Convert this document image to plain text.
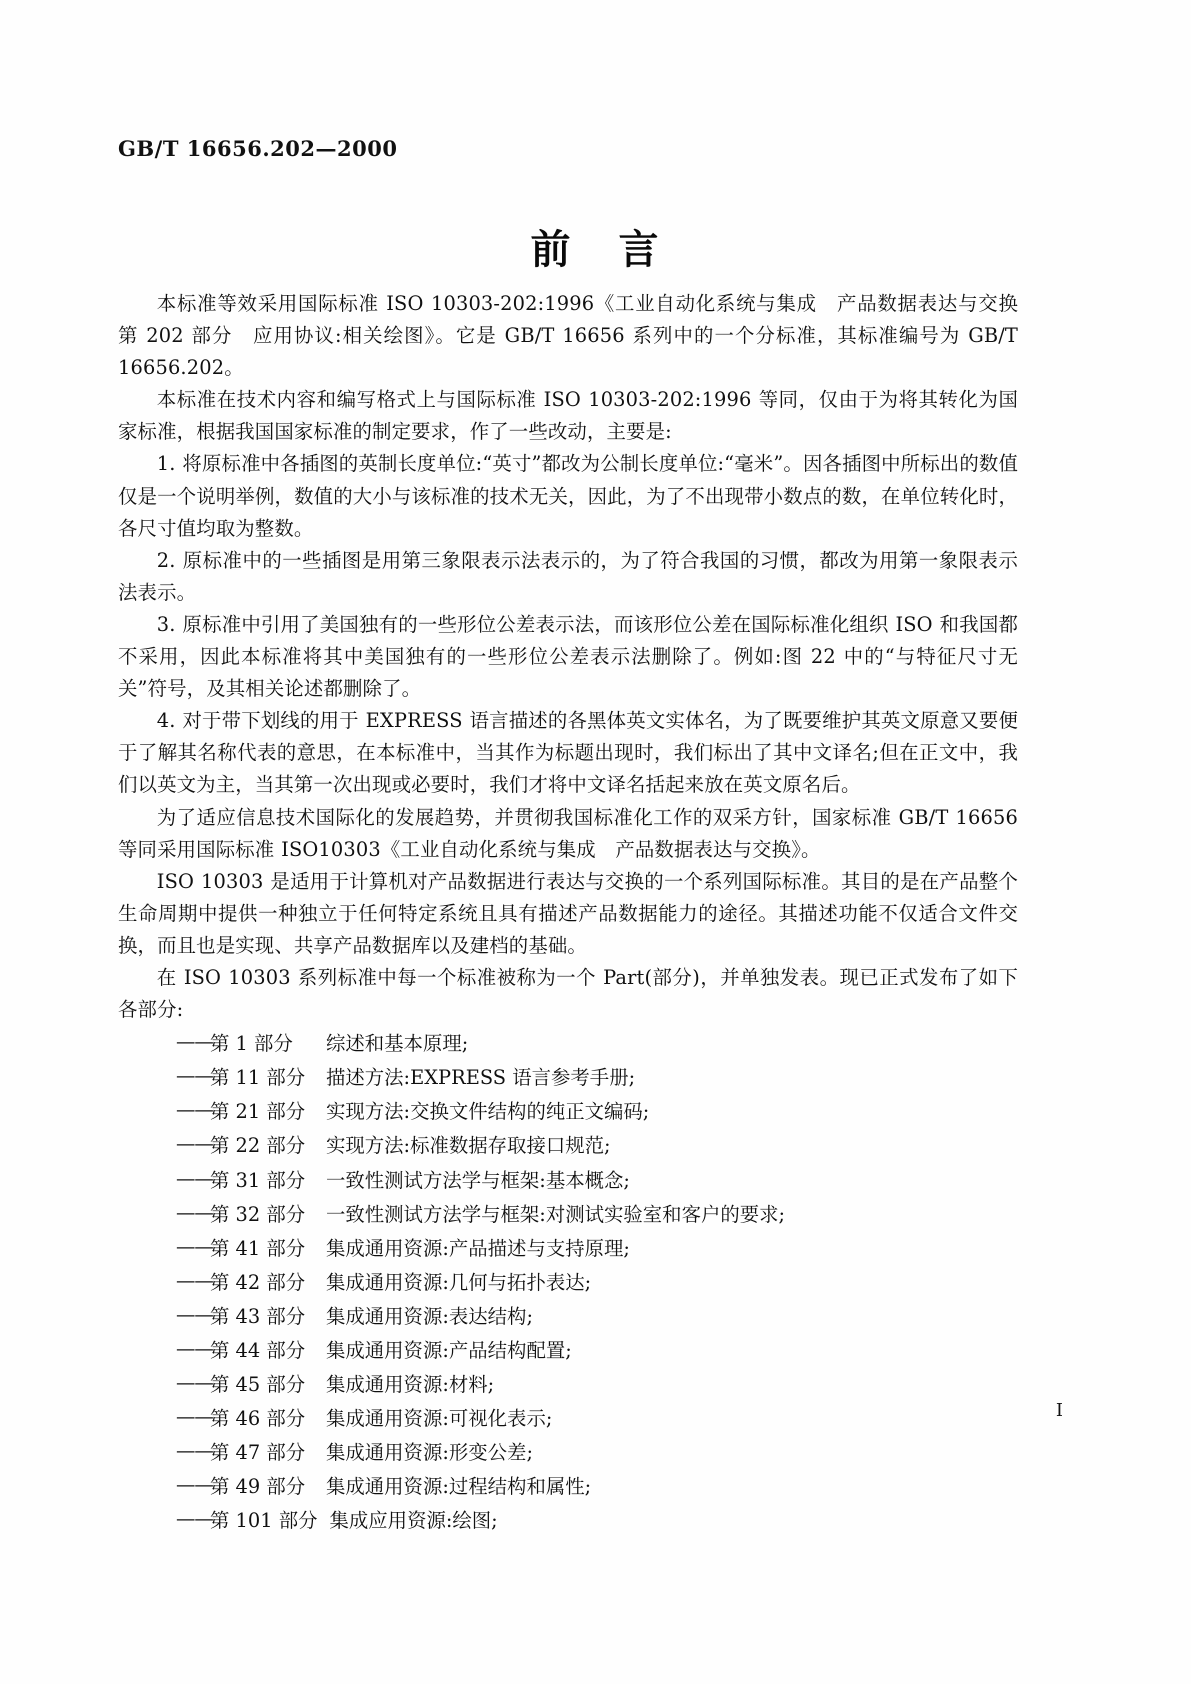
GB/T 16656.202—2000
前 言

本标准等效采用国际标准 ISO 10303-202:1996《工业自动化系统与集成　产品数据表达与交换　第 202 部分　应用协议:相关绘图》。它是 GB/T 16656 系列中的一个分标准，其标准编号为 GB/T 16656.202。

本标准在技术内容和编写格式上与国际标准 ISO 10303-202:1996 等同，仅由于为将其转化为国家标准，根据我国国家标准的制定要求，作了一些改动，主要是:

1. 将原标准中各插图的英制长度单位:“英寸”都改为公制长度单位:“毫米”。因各插图中所标出的数值仅是一个说明举例，数值的大小与该标准的技术无关，因此，为了不出现带小数点的数，在单位转化时，各尺寸值均取为整数。

2. 原标准中的一些插图是用第三象限表示法表示的，为了符合我国的习惯，都改为用第一象限表示法表示。

3. 原标准中引用了美国独有的一些形位公差表示法，而该形位公差在国际标准化组织 ISO 和我国都不采用，因此本标准将其中美国独有的一些形位公差表示法删除了。例如:图 22 中的“与特征尺寸无关”符号，及其相关论述都删除了。

4. 对于带下划线的用于 EXPRESS 语言描述的各黑体英文实体名，为了既要维护其英文原意又要便于了解其名称代表的意思，在本标准中，当其作为标题出现时，我们标出了其中文译名;但在正文中，我们以英文为主，当其第一次出现或必要时，我们才将中文译名括起来放在英文原名后。

为了适应信息技术国际化的发展趋势，并贯彻我国标准化工作的双采方针，国家标准 GB/T 16656 等同采用国际标准 ISO10303《工业自动化系统与集成　产品数据表达与交换》。

ISO 10303 是适用于计算机对产品数据进行表达与交换的一个系列国际标准。其目的是在产品整个生命周期中提供一种独立于任何特定系统且具有描述产品数据能力的途径。其描述功能不仅适合文件交换，而且也是实现、共享产品数据库以及建档的基础。

在 ISO 10303 系列标准中每一个标准被称为一个 Part(部分)，并单独发表。现已正式发布了如下各部分:

——第 1 部分 综述和基本原理;
——第 11 部分 描述方法:EXPRESS 语言参考手册;
——第 21 部分 实现方法:交换文件结构的纯正文编码;
——第 22 部分 实现方法:标准数据存取接口规范;
——第 31 部分 一致性测试方法学与框架:基本概念;
——第 32 部分 一致性测试方法学与框架:对测试实验室和客户的要求;
——第 41 部分 集成通用资源:产品描述与支持原理;
——第 42 部分 集成通用资源:几何与拓扑表达;
——第 43 部分 集成通用资源:表达结构;
——第 44 部分 集成通用资源:产品结构配置;
——第 45 部分 集成通用资源:材料;
——第 46 部分 集成通用资源:可视化表示;
——第 47 部分 集成通用资源:形变公差;
——第 49 部分 集成通用资源:过程结构和属性;
——第 101 部分 集成应用资源:绘图;
I
